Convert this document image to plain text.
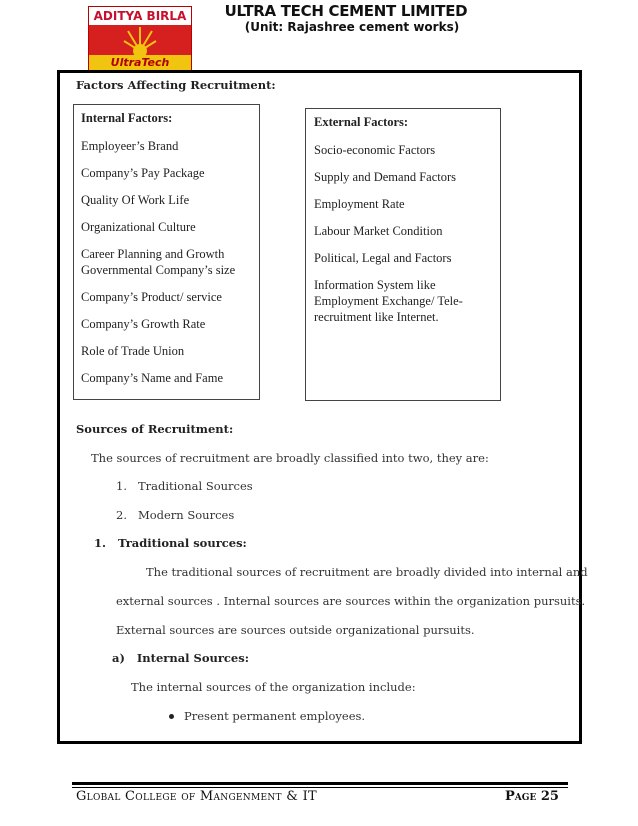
ADITYA BIRLA
UltraTech
ULTRA TECH CEMENT LIMITED
(Unit: Rajashree cement works)
Factors Affecting Recruitment:
Internal Factors:
Employeer’s Brand
Company’s Pay Package
Quality Of Work Life
Organizational Culture
Career Planning and Growth
Governmental Company’s size
Company’s Product/ service
Company’s Growth Rate
Role of Trade Union
Company’s Name and Fame
External Factors:
Socio-economic Factors
Supply and Demand Factors
Employment Rate
Labour Market Condition
Political, Legal and Factors
Information System like
Employment Exchange/ Tele-
recruitment like Internet.
Sources of Recruitment:
The sources of recruitment are broadly classified into two, they are:
1.   Traditional Sources
2.   Modern Sources
1.   Traditional sources:
The traditional sources of recruitment are broadly divided into internal and
external sources . Internal sources are sources within the organization pursuits.
External sources are sources outside organizational pursuits.
a)   Internal Sources:
The internal sources of the organization include:
Present permanent employees.
Global College of Mangenment & IT	Page 25
